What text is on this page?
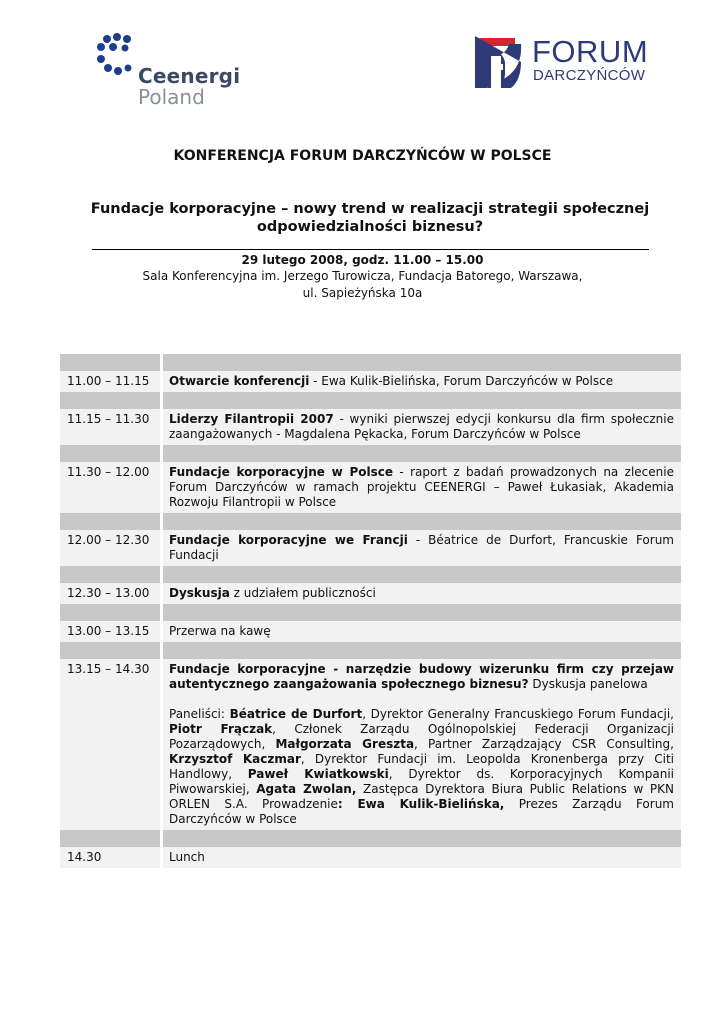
Ceenergi
Poland
FORUM
DARCZYŃCÓW
KONFERENCJA FORUM DARCZYŃCÓW W POLSCE
Fundacje korporacyjne – nowy trend w realizacji strategii społecznej odpowiedzialności biznesu?
29 lutego 2008, godz. 11.00 – 15.00
Sala Konferencyjna im. Jerzego Turowicza, Fundacja Batorego, Warszawa,
ul. Sapieżyńska 10a

11.00 – 11.15	Otwarcie konferencji - Ewa Kulik-Bielińska, Forum Darczyńców w Polsce

11.15 – 11.30	Liderzy Filantropii 2007 - wyniki pierwszej edycji konkursu dla firm społecznie zaangażowanych - Magdalena Pękacka, Forum Darczyńców w Polsce

11.30 – 12.00	Fundacje korporacyjne w Polsce - raport z badań prowadzonych na zlecenie Forum Darczyńców w ramach projektu CEENERGI – Paweł Łukasiak, Akademia Rozwoju Filantropii w Polsce

12.00 – 12.30	Fundacje korporacyjne we Francji - Béatrice de Durfort, Francuskie Forum Fundacji

12.30 – 13.00	Dyskusja z udziałem publiczności

13.00 – 13.15	Przerwa na kawę

13.15 – 14.30	Fundacje korporacyjne - narzędzie budowy wizerunku firm czy przejaw autentycznego zaangażowania społecznego biznesu? Dyskusja panelowa
Paneliści: Béatrice de Durfort, Dyrektor Generalny Francuskiego Forum Fundacji, Piotr Frączak, Członek Zarządu Ogólnopolskiej Federacji Organizacji Pozarządowych, Małgorzata Greszta, Partner Zarządzający CSR Consulting, Krzysztof Kaczmar, Dyrektor Fundacji im. Leopolda Kronenberga przy Citi Handlowy, Paweł Kwiatkowski, Dyrektor ds. Korporacyjnych Kompanii Piwowarskiej, Agata Zwolan, Zastępca Dyrektora Biura Public Relations w PKN ORLEN S.A. Prowadzenie: Ewa Kulik-Bielińska, Prezes Zarządu Forum Darczyńców w Polsce

14.30	Lunch
